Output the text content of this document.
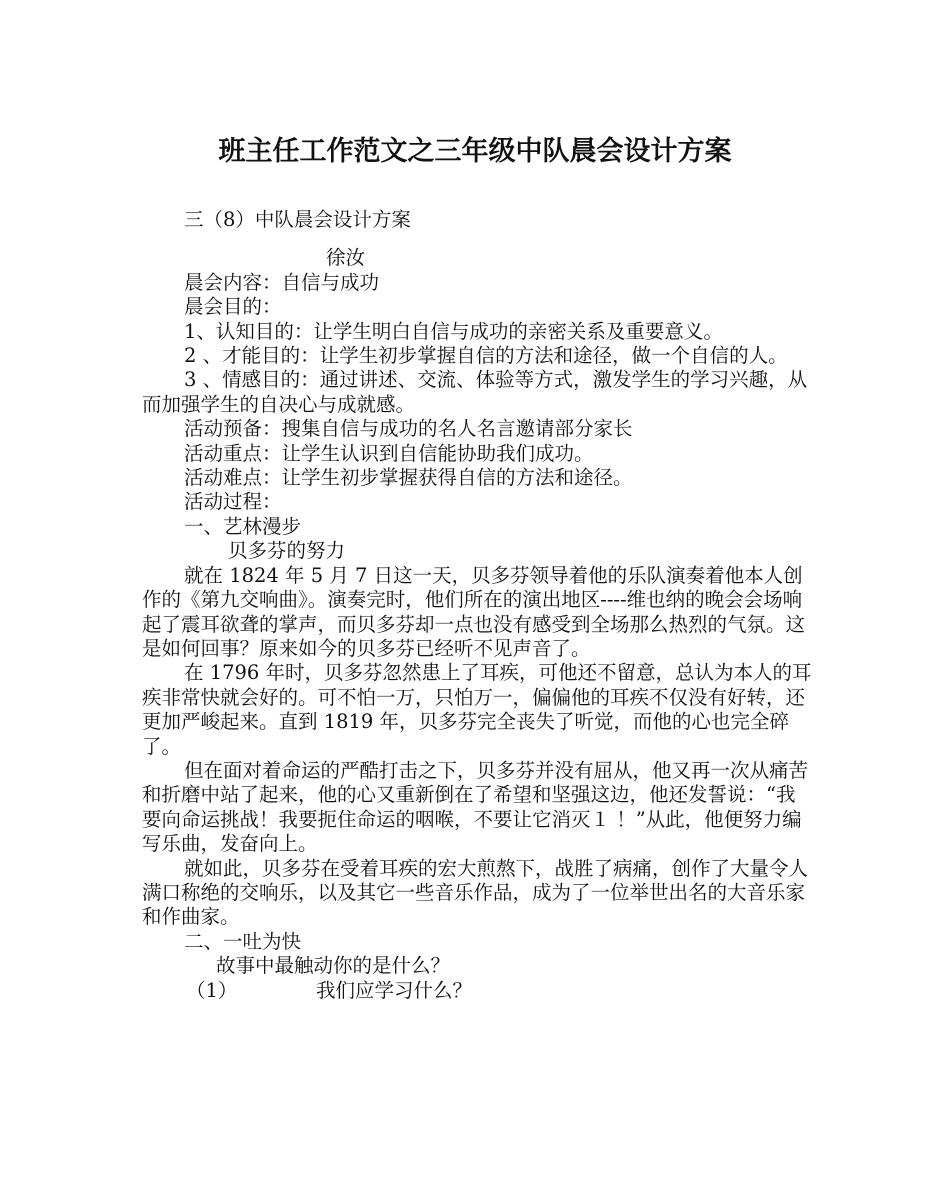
班主任工作范文之三年级中队晨会设计方案

三（8）中队晨会设计方案

徐汝

晨会内容：自信与成功

晨会目的：

1、认知目的：让学生明白自信与成功的亲密关系及重要意义。

2 、才能目的：让学生初步掌握自信的方法和途径，做一个自信的人。

3 、情感目的：通过讲述、交流、体验等方式，激发学生的学习兴趣，从而加强学生的自决心与成就感。

活动预备：搜集自信与成功的名人名言邀请部分家长

活动重点：让学生认识到自信能协助我们成功。

活动难点：让学生初步掌握获得自信的方法和途径。

活动过程：

一、艺林漫步

贝多芬的努力

就在 1824 年 5 月 7 日这一天，贝多芬领导着他的乐队演奏着他本人创作的《第九交响曲》。演奏完时，他们所在的演出地区----维也纳的晚会会场响起了震耳欲聋的掌声，而贝多芬却一点也没有感受到全场那么热烈的气氛。这是如何回事？原来如今的贝多芬已经听不见声音了。

在 1796 年时，贝多芬忽然患上了耳疾，可他还不留意，总认为本人的耳疾非常快就会好的。可不怕一万，只怕万一，偏偏他的耳疾不仅没有好转，还更加严峻起来。直到 1819 年，贝多芬完全丧失了听觉，而他的心也完全碎了。

但在面对着命运的严酷打击之下，贝多芬并没有屈从，他又再一次从痛苦和折磨中站了起来，他的心又重新倒在了希望和坚强这边，他还发誓说：“我要向命运挑战！我要扼住命运的咽喉，不要让它消灭１ ！”从此，他便努力编写乐曲，发奋向上。

就如此，贝多芬在受着耳疾的宏大煎熬下，战胜了病痛，创作了大量令人满口称绝的交响乐，以及其它一些音乐作品，成为了一位举世出名的大音乐家和作曲家。

二、一吐为快

故事中最触动你的是什么？

（1）	我们应学习什么？
